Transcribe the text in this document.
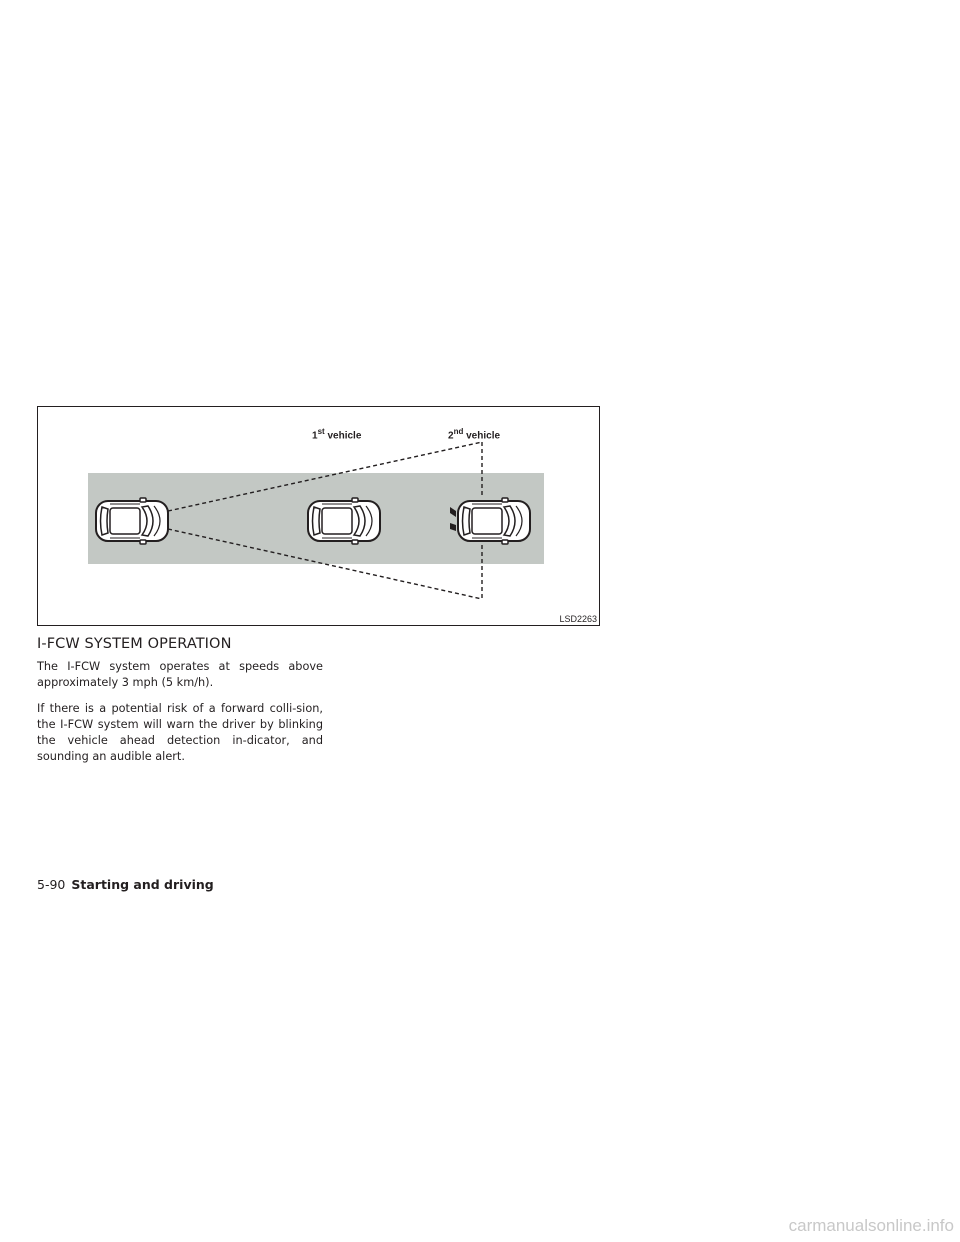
1st vehicle	2nd vehicle
LSD2263
I-FCW SYSTEM OPERATION

The I-FCW system operates at speeds above approximately 3 mph (5 km/h).

If there is a potential risk of a forward colli-sion, the I-FCW system will warn the driver by blinking the vehicle ahead detection in-dicator, and sounding an audible alert.

5-90 Starting and driving
carmanualsonline.info
